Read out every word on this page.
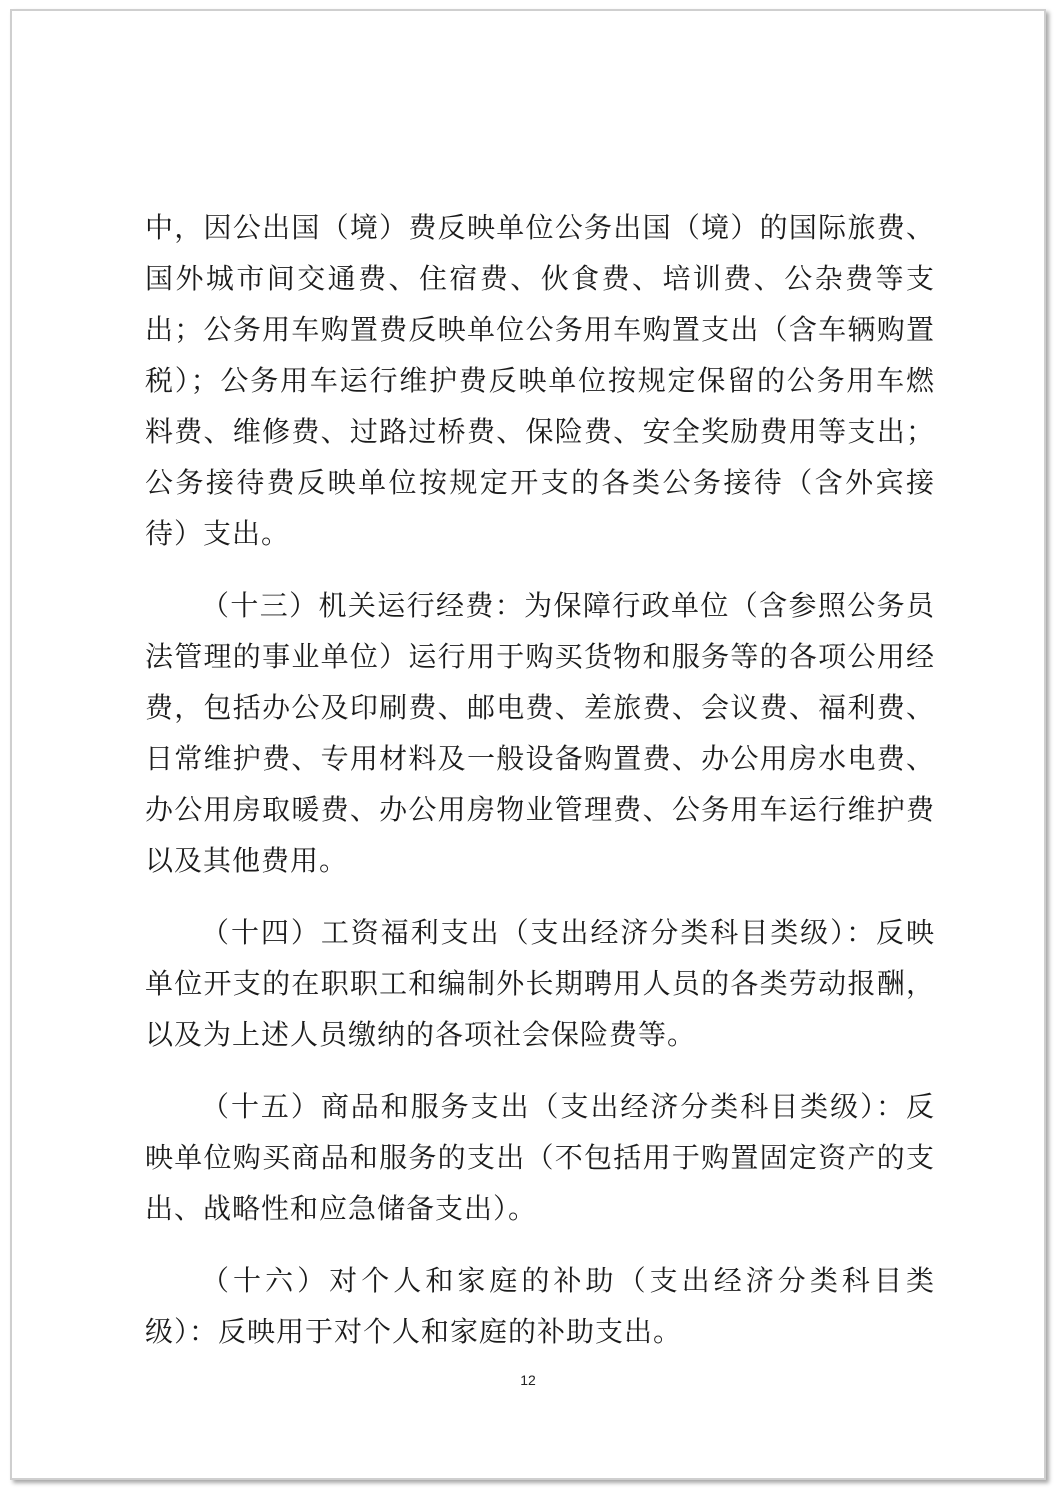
中，因公出国（境）费反映单位公务出国（境）的国际旅费、国外城市间交通费、住宿费、伙食费、培训费、公杂费等支出；公务用车购置费反映单位公务用车购置支出（含车辆购置税）；公务用车运行维护费反映单位按规定保留的公务用车燃料费、维修费、过路过桥费、保险费、安全奖励费用等支出；公务接待费反映单位按规定开支的各类公务接待（含外宾接待）支出。

（十三）机关运行经费：为保障行政单位（含参照公务员法管理的事业单位）运行用于购买货物和服务等的各项公用经费，包括办公及印刷费、邮电费、差旅费、会议费、福利费、日常维护费、专用材料及一般设备购置费、办公用房水电费、办公用房取暖费、办公用房物业管理费、公务用车运行维护费以及其他费用。

（十四）工资福利支出（支出经济分类科目类级）：反映单位开支的在职职工和编制外长期聘用人员的各类劳动报酬，以及为上述人员缴纳的各项社会保险费等。

（十五）商品和服务支出（支出经济分类科目类级）：反映单位购买商品和服务的支出（不包括用于购置固定资产的支出、战略性和应急储备支出）。

（十六）对个人和家庭的补助（支出经济分类科目类级）：反映用于对个人和家庭的补助支出。

12
